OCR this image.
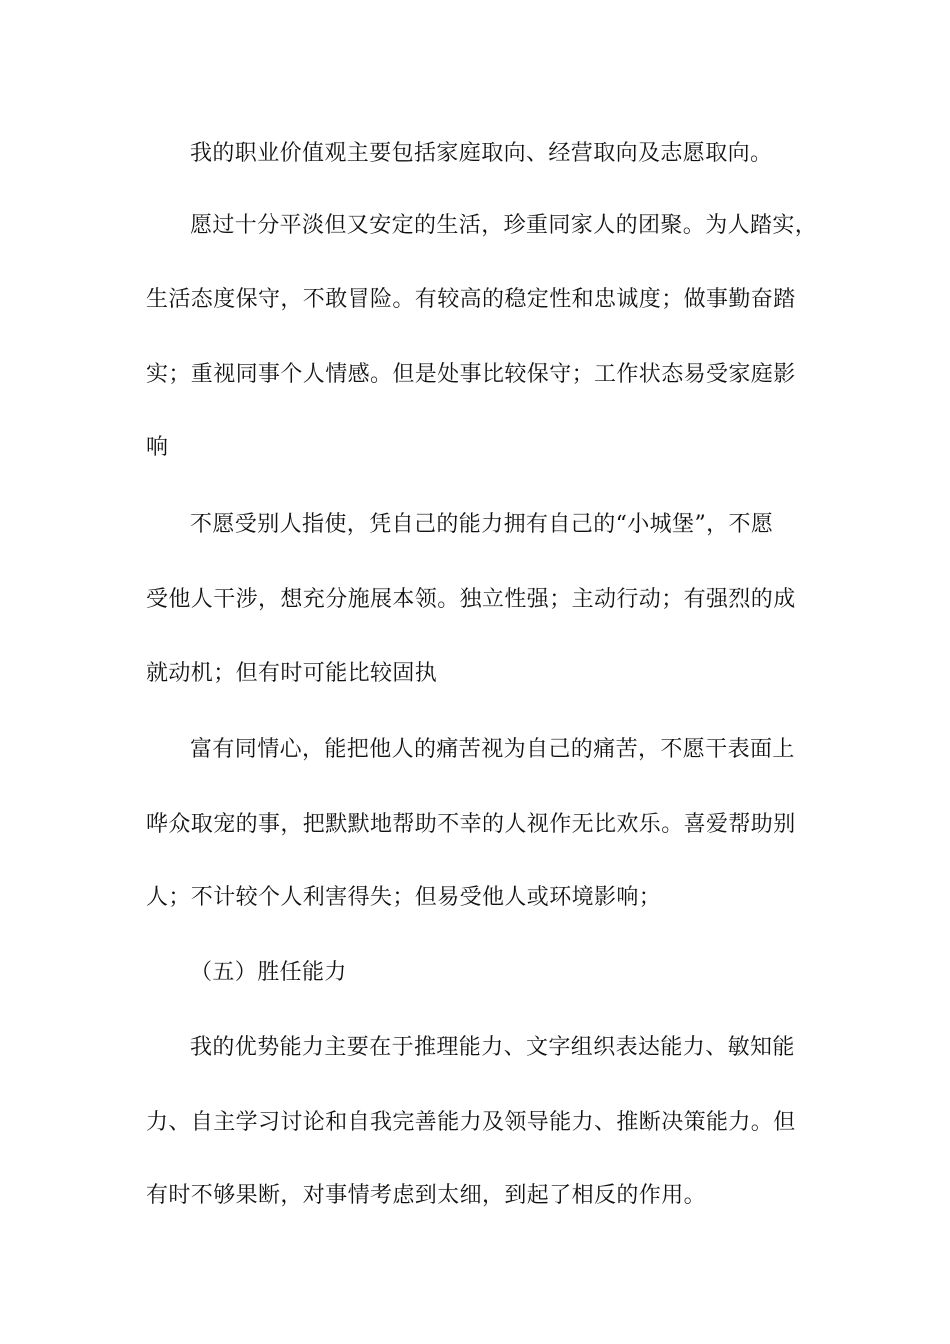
我的职业价值观主要包括家庭取向、经营取向及志愿取向。
愿过十分平淡但又安定的生活，珍重同家人的团聚。为人踏实，
生活态度保守，不敢冒险。有较高的稳定性和忠诚度；做事勤奋踏
实；重视同事个人情感。但是处事比较保守；工作状态易受家庭影
响
不愿受别人指使，凭自己的能力拥有自己的“小城堡”，不愿
受他人干涉，想充分施展本领。独立性强；主动行动；有强烈的成
就动机；但有时可能比较固执
富有同情心，能把他人的痛苦视为自己的痛苦，不愿干表面上
哗众取宠的事，把默默地帮助不幸的人视作无比欢乐。喜爱帮助别
人；不计较个人利害得失；但易受他人或环境影响；
（五）胜任能力
我的优势能力主要在于推理能力、文字组织表达能力、敏知能
力、自主学习讨论和自我完善能力及领导能力、推断决策能力。但
有时不够果断，对事情考虑到太细，到起了相反的作用。
